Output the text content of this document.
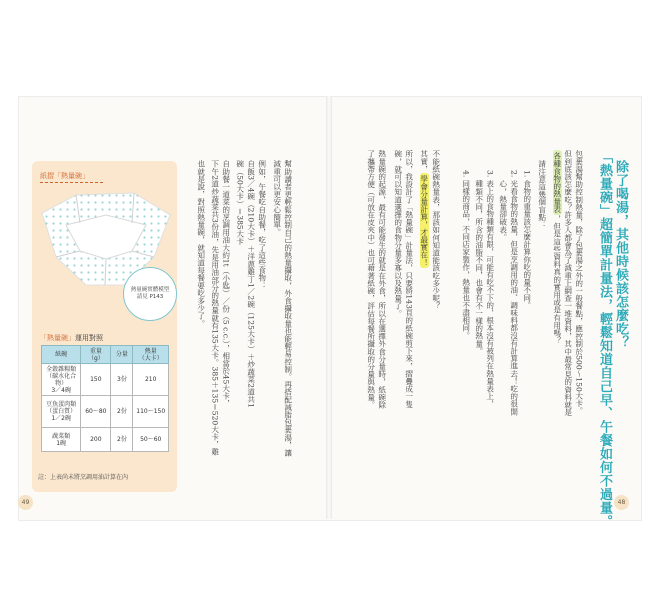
除了喝湯，其他時候該怎麼吃？
「熱量碗」超簡單計量法，輕鬆知道自己早、午餐如何不過量。
包裹湯幫助控制熱量，除了包裹湯之外的一般餐點，應控制於500～150大卡。
但到底該怎麼吃？許多人都會為了減重上網查一堆資料，其中最常見的資料就是
各種食物的熱量表，但是這些資料真的實用或是有用嗎？
請注意這幾個盲點：
1. 食物的重量該怎麼計算你吃的量不同。
2. 光看食物的熱量，但是烹調用的油、調味料都沒有計算進去！吃的很開
　 心，熱量卻破表。
3. 表上的食物種類有限，可能有吃不下的，根本沒有被列在熱量表上，
　 種類不同，所含的油脂不同，也會有不一樣的熱量。
4. 同樣的商品，不同店家製作，熱量也不盡相同。
不能紙碗熱量表，那該如何知道能該吃多少呢？
其實，學會分量計算，才最實在！
所以，我設計了「熱量碗」計量法，只要將143頁的紙碗剪下來，摺疊成一隻
碗，就可以知道選擇的食物分量多寡以及熱量了。
熱量碗的起源，最有可能發生的就是在外食，所以在選擇外食分量時，紙碗除
了攜帶方便（可放在皮夾中）也可藉著紙碗，評估每餐所攝取的分量與熱量。
48
幫助讀者更輕鬆控制自己的熱量攝取，外食攝取量也能輕易控制。再搭配減脂包裹湯，讓
減重可以更安心簡單。
例如，午餐吃自助餐，吃了這些食物：
自飯3／4碗（210大卡）＋洋蔥雞丁1／2碗（125大卡）＋炒蔬菜2道共1
碗（50大卡）＝385大卡
自助餐一道菜的烹調用油大約1t（小匙）／份（5 c.c.），相當於45大卡，
下午2道炒蔬菜共3份油，先是用油部分的熱量就有135大卡。385＋135＝520大卡，雞
也就是說，對照熱量碗，就知道每餐要吃多少了。
紙摺「熱量碗」
熱量碗實體模型
請見 P143
「熱量碗」運用對照
紙碗	重量
（g）	分量	熱量
（大卡）
全穀雜糧類
（碳水化合物）
3／4碗	150	3份	210
豆魚蛋肉類
（蛋白質）
1／2碗	60～80	2份	110～150
蔬菜類
1碗	200	2份	50～60
註：上表尚未將烹調用油計算在內
49
